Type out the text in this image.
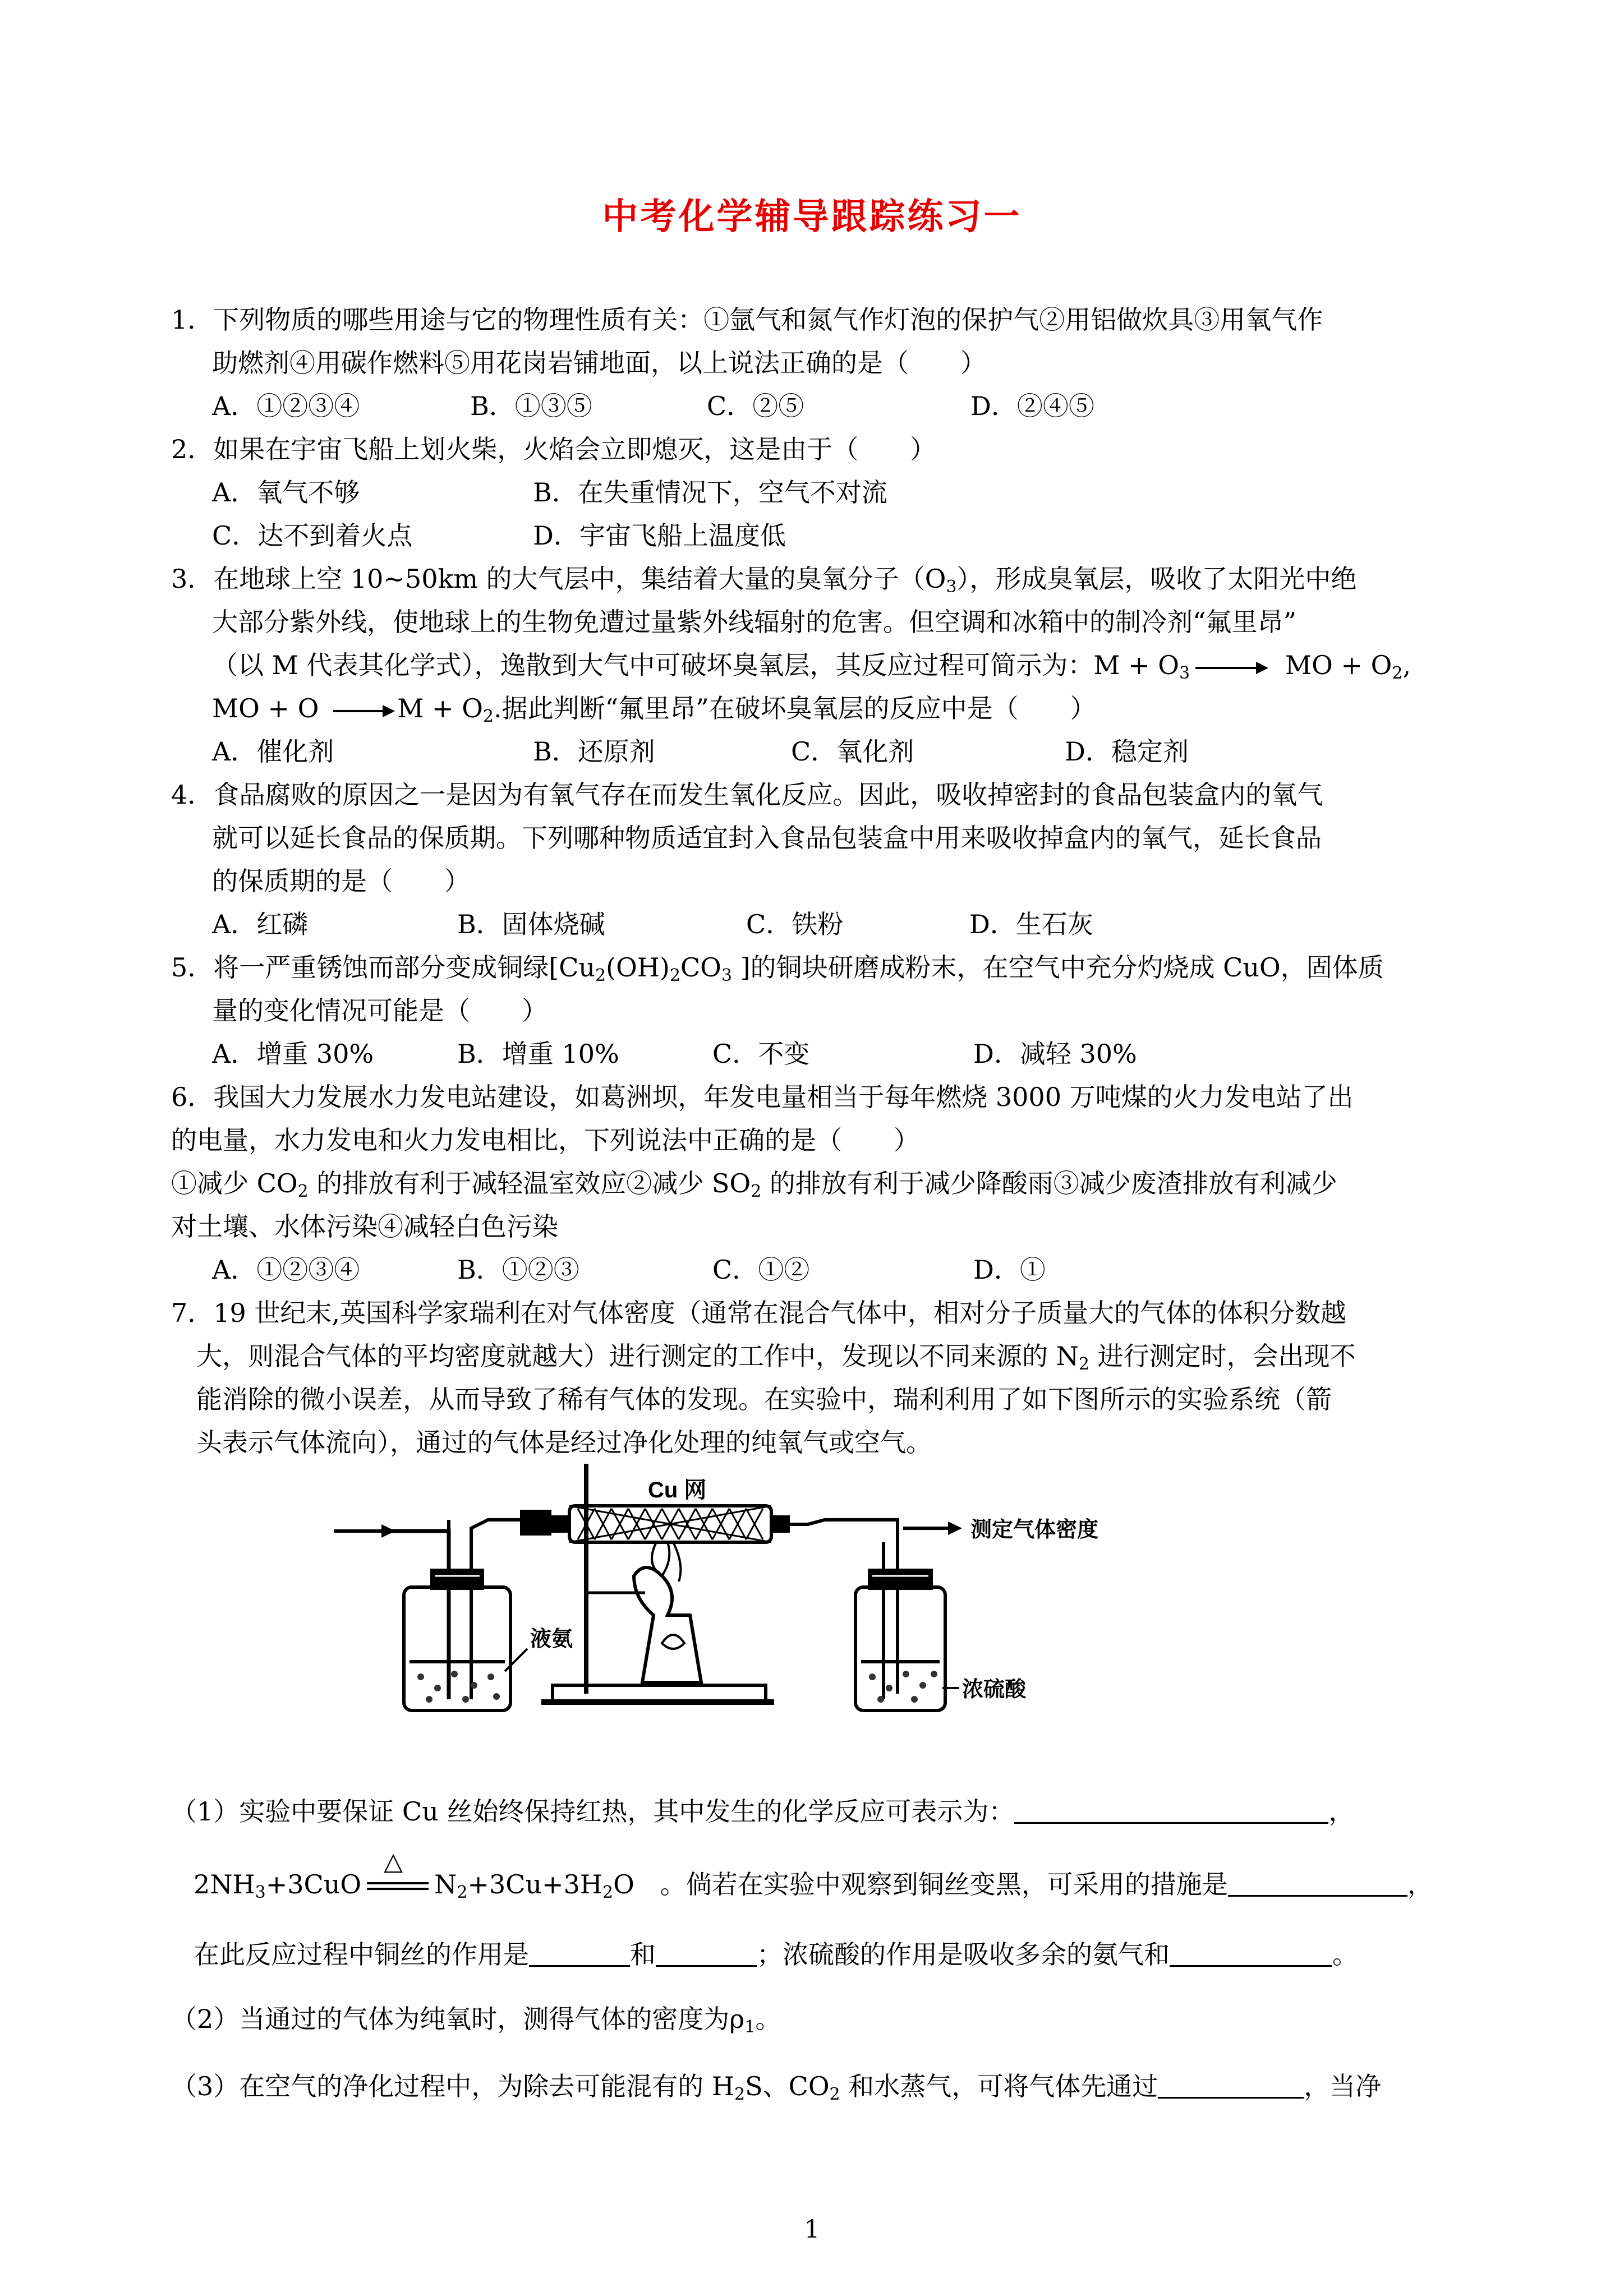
中考化学辅导跟踪练习一
1．下列物质的哪些用途与它的物理性质有关：①氩气和氮气作灯泡的保护气②用铝做炊具③用氧气作
助燃剂④用碳作燃料⑤用花岗岩铺地面，以上说法正确的是（　　）
A．①②③④	B．①③⑤	C．②⑤	D．②④⑤
2．如果在宇宙飞船上划火柴，火焰会立即熄灭，这是由于（　　）
A．氧气不够	B．在失重情况下，空气不对流
C．达不到着火点	D．宇宙飞船上温度低
3．在地球上空 10~50km 的大气层中，集结着大量的臭氧分子$(O_3)$，形成臭氧层，吸收了太阳光中绝
大部分紫外线，使地球上的生物免遭过量紫外线辐射的危害。但空调和冰箱中的制冷剂“氟里昂”
（以 M 代表其化学式），逸散到大气中可破坏臭氧层，其反应过程可简示为：$M + O_3$	MO + $O_2$,
MO + O	$M + O_2$.据此判断“氟里昂”在破坏臭氧层的反应中是（　　）
A．催化剂	B．还原剂	C．氧化剂	D．稳定剂
4．食品腐败的原因之一是因为有氧气存在而发生氧化反应。因此，吸收掉密封的食品包装盒内的氧气
就可以延长食品的保质期。下列哪种物质适宜封入食品包装盒中用来吸收掉盒内的氧气，延长食品
的保质期的是（　　）
A．红磷	B．固体烧碱	C．铁粉	D．生石灰
5．将一严重锈蚀而部分变成铜绿[$Cu_2(OH)_2CO_3$ ]的铜块研磨成粉末，在空气中充分灼烧成 CuO，固体质
量的变化情况可能是（　　）
A．增重 30%	B．增重 10%	C．不变	D．减轻 30%
6．我国大力发展水力发电站建设，如葛洲坝，年发电量相当于每年燃烧 3000 万吨煤的火力发电站了出
的电量，水力发电和火力发电相比，下列说法中正确的是（　　）
①减少 $CO_2$ 的排放有利于减轻温室效应②减少 $SO_2$ 的排放有利于减少降酸雨③减少废渣排放有利减少
对土壤、水体污染④减轻白色污染
A．①②③④	B．①②③	C．①②	D．①
7．19 世纪末,英国科学家瑞利在对气体密度（通常在混合气体中，相对分子质量大的气体的体积分数越
大，则混合气体的平均密度就越大）进行测定的工作中，发现以不同来源的 $N_2$ 进行测定时，会出现不
能消除的微小误差，从而导致了稀有气体的发现。在实验中，瑞利利用了如下图所示的实验系统（箭
头表示气体流向），通过的气体是经过净化处理的纯氧气或空气。
Cu 网
测定气体密度
液氨
浓硫酸
（1）实验中要保证 Cu 丝始终保持红热，其中发生的化学反应可表示为：	，
$2NH_3+3CuO$
△
$N_2+3Cu+3H_2O$　 。倘若在实验中观察到铜丝变黑，可采用的措施是	，
在此反应过程中铜丝的作用是	和	；浓硫酸的作用是吸收多余的氨气和	。
（2）当通过的气体为纯氧时，测得气体的密度为$\rho_1$。
（3）在空气的净化过程中，为除去可能混有的 $H_2S$、$CO_2$ 和水蒸气，可将气体先通过	，当净
1
